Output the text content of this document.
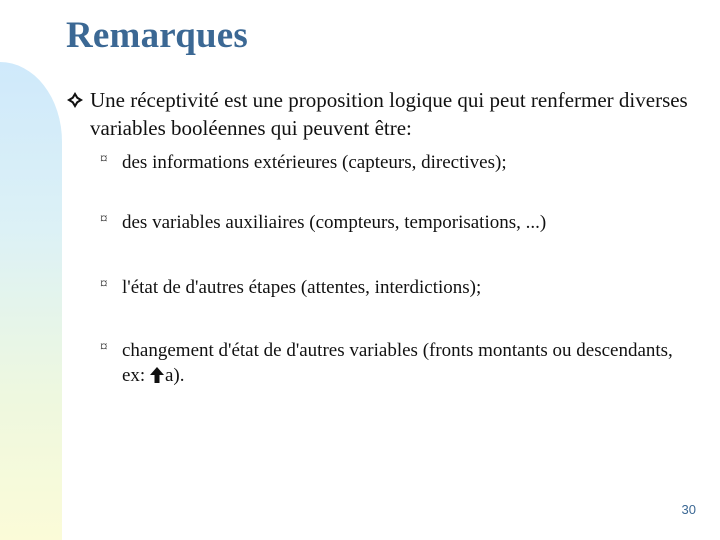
Remarques
Une réceptivité est une proposition logique qui peut renfermer diverses variables booléennes qui peuvent être:
¤ des informations extérieures (capteurs, directives);
¤ des variables auxiliaires (compteurs, temporisations, ...)
¤ l'état de d'autres étapes (attentes, interdictions);
¤ changement d'état de d'autres variables (fronts montants ou descendants, ex: a).
30
